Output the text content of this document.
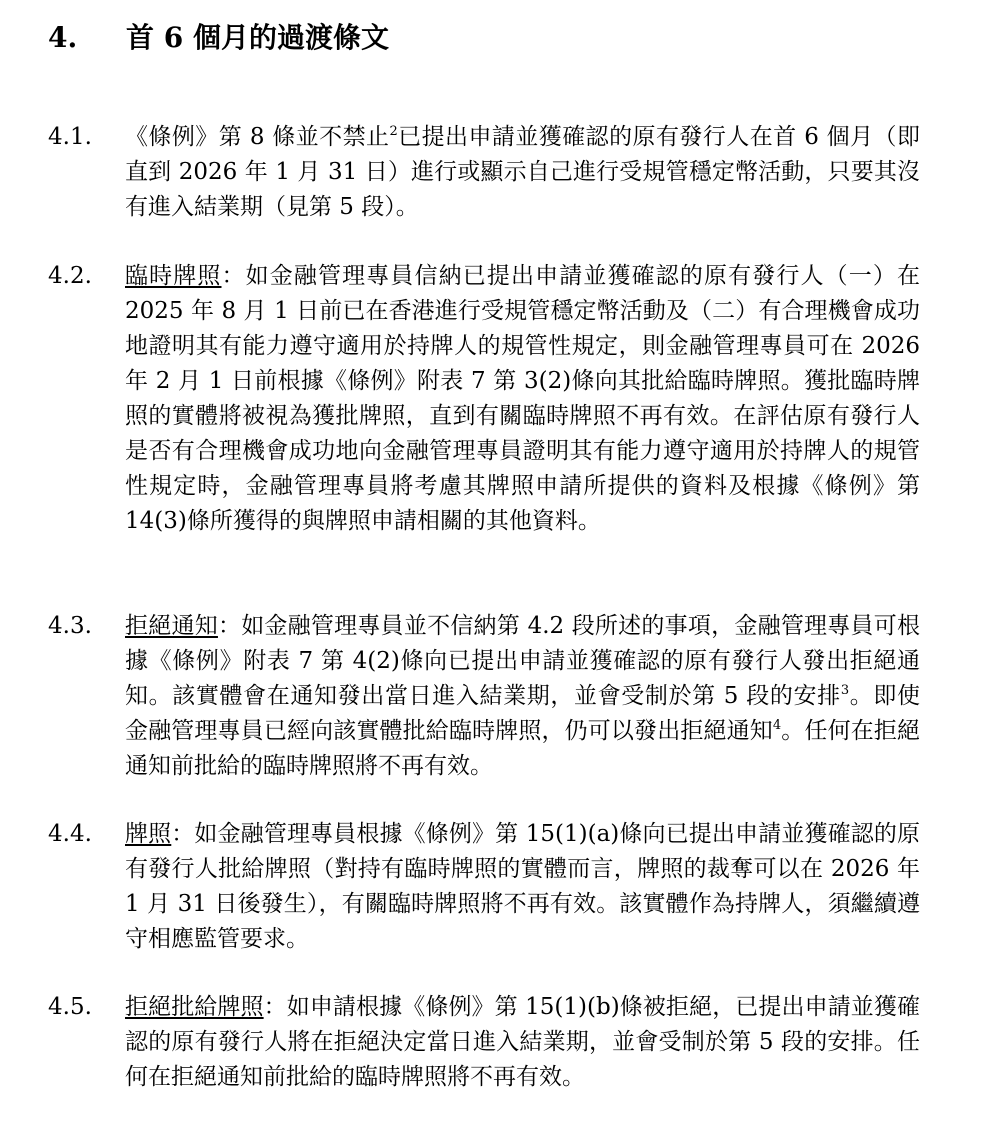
4. 首 6 個月的過渡條文
4.1. 《條例》第 8 條並不禁止$^2$已提出申請並獲確認的原有發行人在首 6 個月（即直到 2026 年 1 月 31 日）進行或顯示自己進行受規管穩定幣活動，只要其沒有進入結業期（見第 5 段）。
4.2. 臨時牌照：如金融管理專員信納已提出申請並獲確認的原有發行人（一）在 2025 年 8 月 1 日前已在香港進行受規管穩定幣活動及（二）有合理機會成功地證明其有能力遵守適用於持牌人的規管性規定，則金融管理專員可在 2026 年 2 月 1 日前根據《條例》附表 7 第 3(2)條向其批給臨時牌照。獲批臨時牌照的實體將被視為獲批牌照，直到有關臨時牌照不再有效。在評估原有發行人是否有合理機會成功地向金融管理專員證明其有能力遵守適用於持牌人的規管性規定時，金融管理專員將考慮其牌照申請所提供的資料及根據《條例》第 14(3)條所獲得的與牌照申請相關的其他資料。
4.3. 拒絕通知：如金融管理專員並不信納第 4.2 段所述的事項，金融管理專員可根據《條例》附表 7 第 4(2)條向已提出申請並獲確認的原有發行人發出拒絕通知。該實體會在通知發出當日進入結業期，並會受制於第 5 段的安排$^3$。即使金融管理專員已經向該實體批給臨時牌照，仍可以發出拒絕通知$^4$。任何在拒絕通知前批給的臨時牌照將不再有效。
4.4. 牌照：如金融管理專員根據《條例》第 15(1)(a)條向已提出申請並獲確認的原有發行人批給牌照（對持有臨時牌照的實體而言，牌照的裁奪可以在 2026 年 1 月 31 日後發生），有關臨時牌照將不再有效。該實體作為持牌人，須繼續遵守相應監管要求。
4.5. 拒絕批給牌照：如申請根據《條例》第 15(1)(b)條被拒絕，已提出申請並獲確認的原有發行人將在拒絕決定當日進入結業期，並會受制於第 5 段的安排。任何在拒絕通知前批給的臨時牌照將不再有效。
